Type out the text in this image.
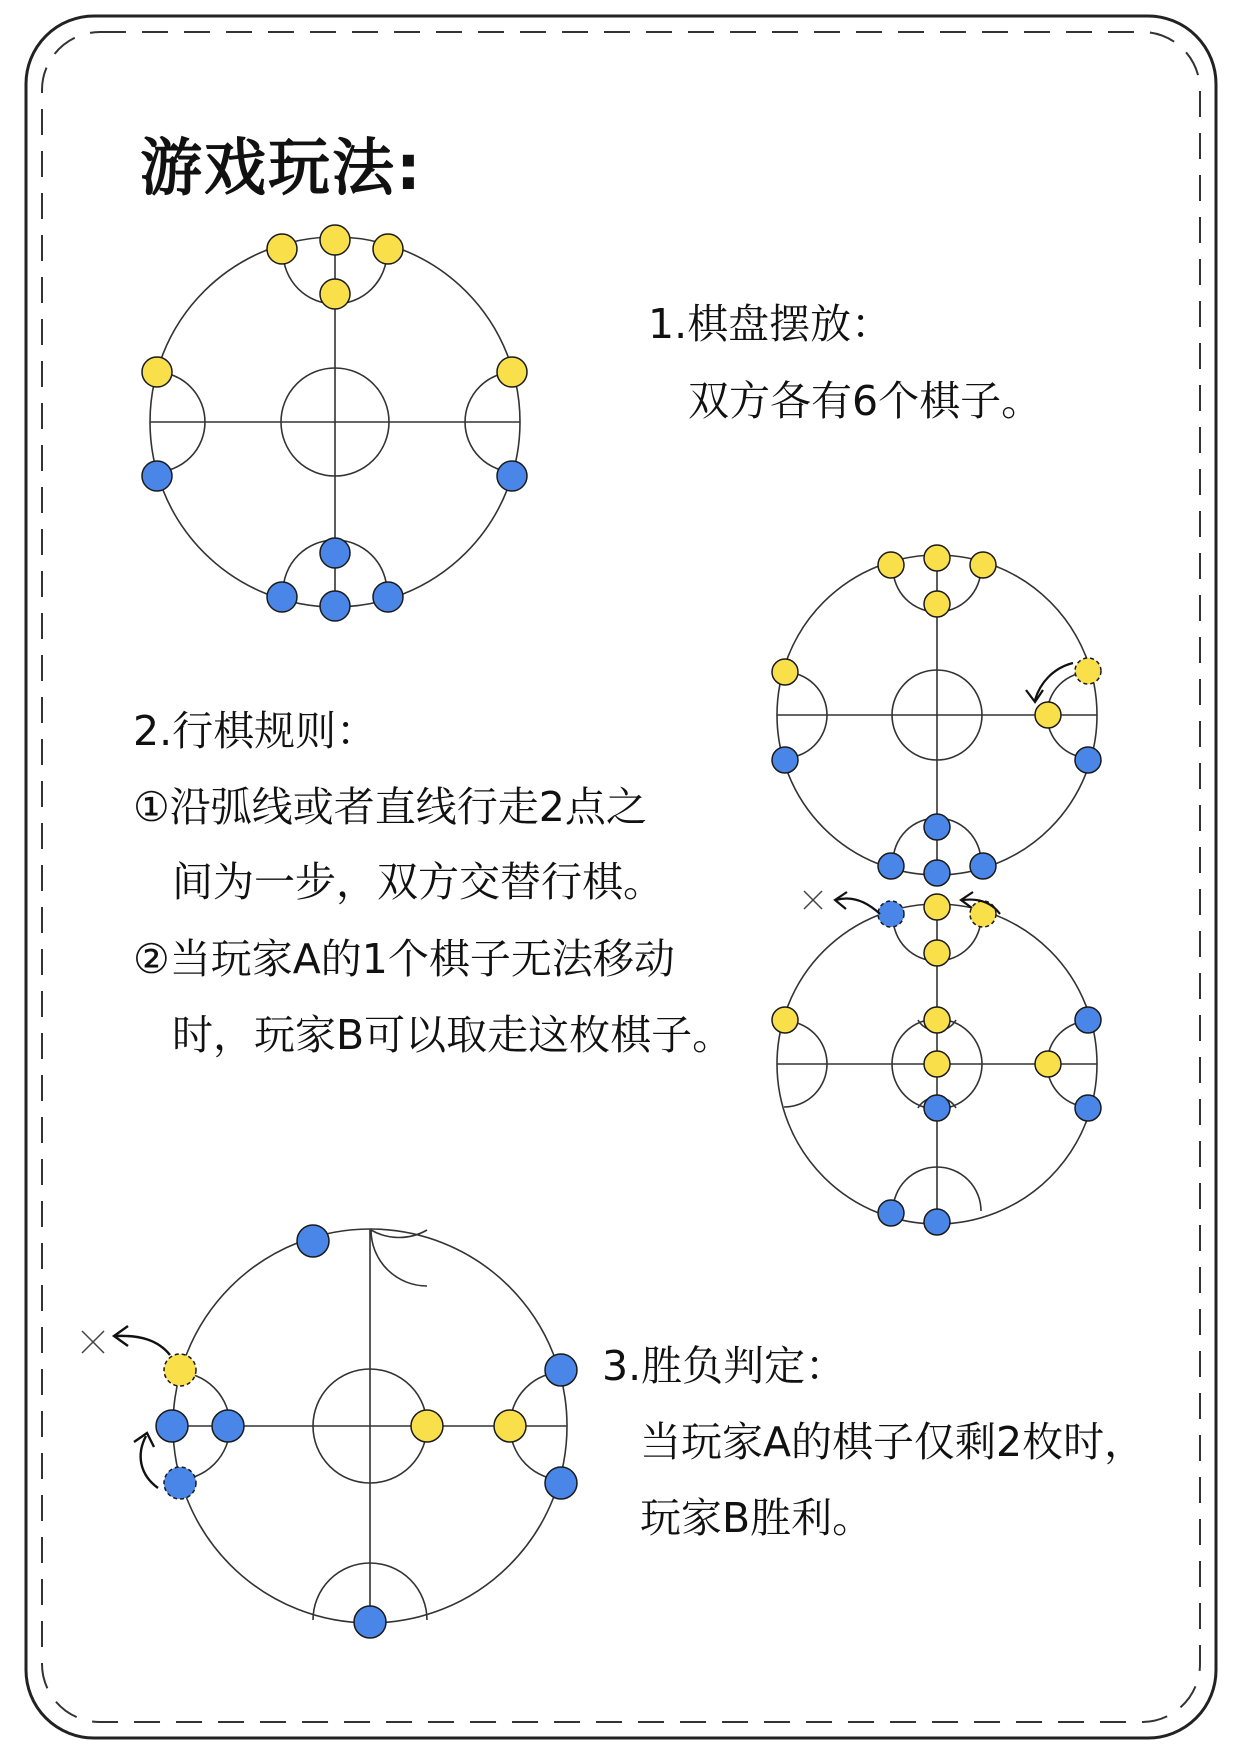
游戏玩法:
1.棋盘摆放：
双方各有6个棋子。
2.行棋规则：
①沿弧线或者直线行走2点之
间为一步，双方交替行棋。
②当玩家A的1个棋子无法移动
时，玩家B可以取走这枚棋子。
3.胜负判定：
当玩家A的棋子仅剩2枚时，
玩家B胜利。
